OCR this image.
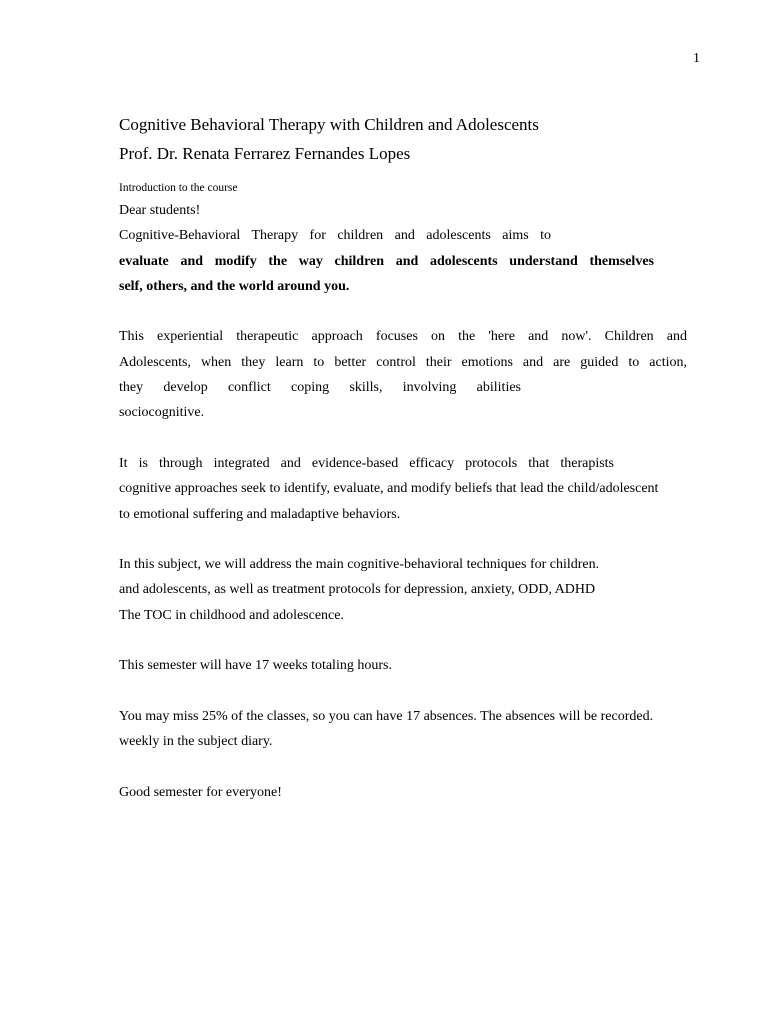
1
Cognitive Behavioral Therapy with Children and Adolescents
Prof. Dr. Renata Ferrarez Fernandes Lopes
Introduction to the course
Dear students!
Cognitive-Behavioral Therapy for children and adolescents aims to
evaluate and modify the way children and adolescents understand themselves
self, others, and the world around you.
This experiential therapeutic approach focuses on the 'here and now'. Children and
Adolescents, when they learn to better control their emotions and are guided to action,
they develop conflict coping skills, involving abilities
sociocognitive.
It is through integrated and evidence-based efficacy protocols that therapists
cognitive approaches seek to identify, evaluate, and modify beliefs that lead the child/adolescent
to emotional suffering and maladaptive behaviors.
In this subject, we will address the main cognitive-behavioral techniques for children.
and adolescents, as well as treatment protocols for depression, anxiety, ODD, ADHD
The TOC in childhood and adolescence.
This semester will have 17 weeks totaling hours.
You may miss 25% of the classes, so you can have 17 absences. The absences will be recorded.
weekly in the subject diary.
Good semester for everyone!
